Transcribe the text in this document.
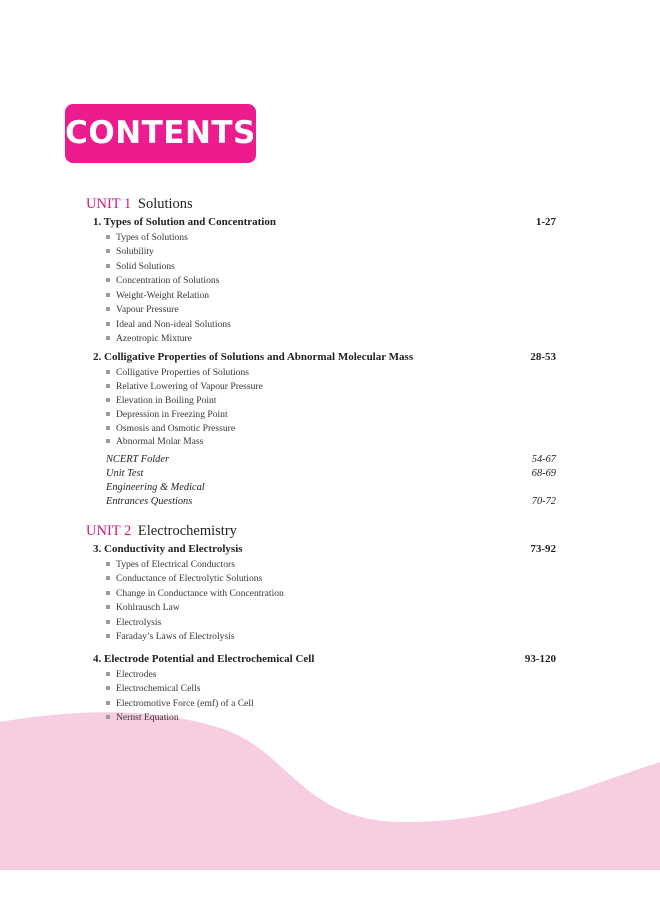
CONTENTS
UNIT 1 Solutions
1. Types of Solution and Concentration	1-27
Types of Solutions
Solubility
Solid Solutions
Concentration of Solutions
Weight-Weight Relation
Vapour Pressure
Ideal and Non-ideal Solutions
Azeotropic Mixture
2. Colligative Properties of Solutions and Abnormal Molecular Mass	28-53
Colligative Properties of Solutions
Relative Lowering of Vapour Pressure
Elevation in Boiling Point
Depression in Freezing Point
Osmosis and Osmotic Pressure
Abnormal Molar Mass
NCERT Folder	54-67
Unit Test	68-69
Engineering & Medical
Entrances Questions	70-72
UNIT 2 Electrochemistry
3. Conductivity and Electrolysis	73-92
Types of Electrical Conductors
Conductance of Electrolytic Solutions
Change in Conductance with Concentration
Kohlrausch Law
Electrolysis
Faraday’s Laws of Electrolysis
4. Electrode Potential and Electrochemical Cell	93-120
Electrodes
Electrochemical Cells
Electromotive Force (emf) of a Cell
Nernst Equation
